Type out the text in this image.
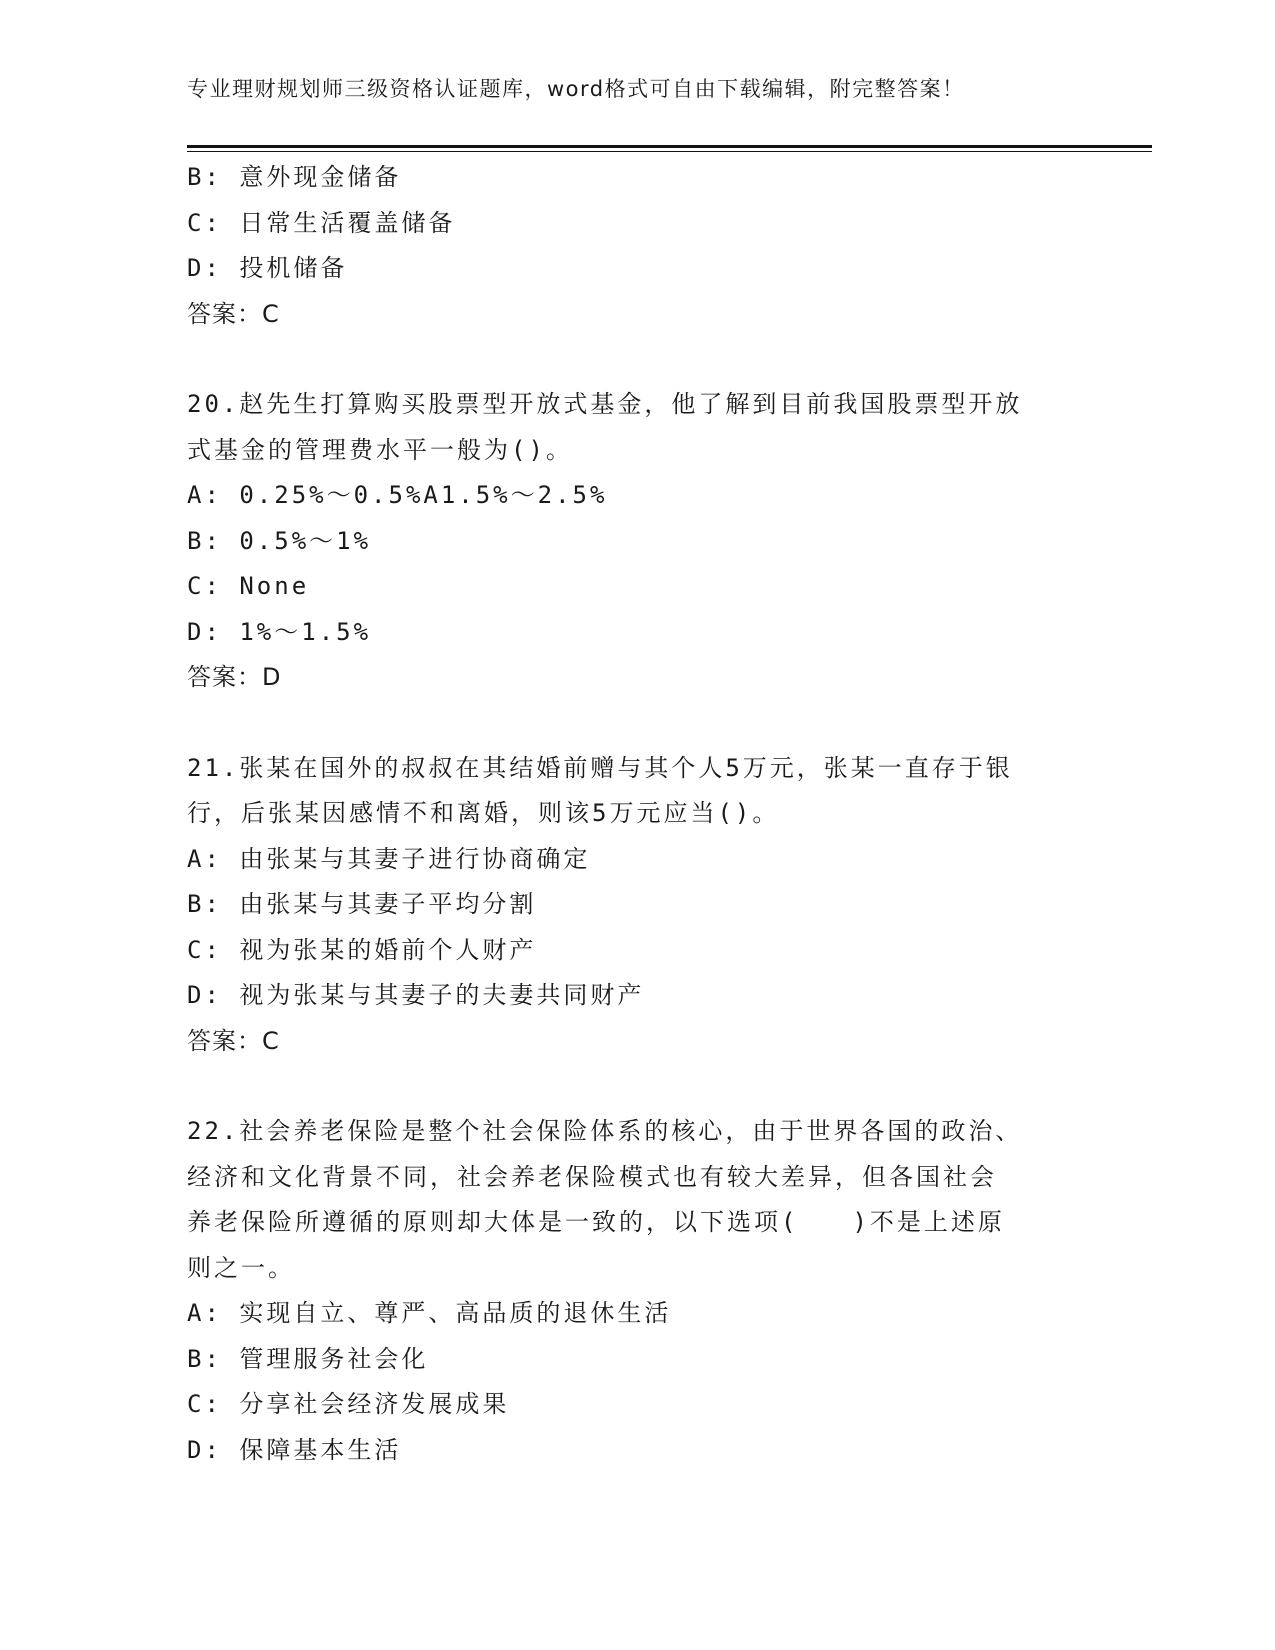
专业理财规划师三级资格认证题库，word格式可自由下载编辑，附完整答案！
B: 意外现金储备
C: 日常生活覆盖储备
D: 投机储备
答案：C
20.赵先生打算购买股票型开放式基金，他了解到目前我国股票型开放
式基金的管理费水平一般为()。
A: 0.25%～0.5%A1.5%～2.5%
B: 0.5%～1%
C: None
D: 1%～1.5%
答案：D
21.张某在国外的叔叔在其结婚前赠与其个人5万元，张某一直存于银
行，后张某因感情不和离婚，则该5万元应当()。
A: 由张某与其妻子进行协商确定
B: 由张某与其妻子平均分割
C: 视为张某的婚前个人财产
D: 视为张某与其妻子的夫妻共同财产
答案：C
22.社会养老保险是整个社会保险体系的核心，由于世界各国的政治、
经济和文化背景不同，社会养老保险模式也有较大差异，但各国社会
养老保险所遵循的原则却大体是一致的，以下选项(　　)不是上述原
则之一。
A: 实现自立、尊严、高品质的退休生活
B: 管理服务社会化
C: 分享社会经济发展成果
D: 保障基本生活
